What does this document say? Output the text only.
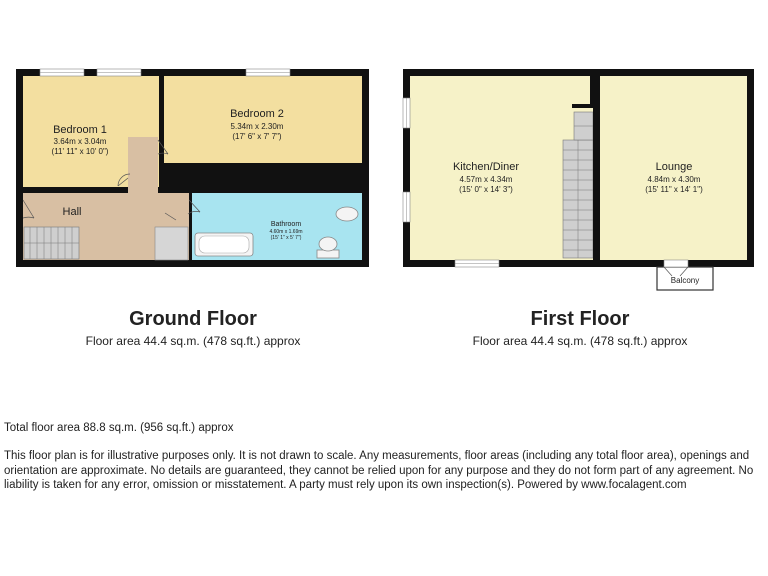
Bedroom 1
3.64m x 3.04m
(11' 11" x 10' 0")
Bedroom 2
5.34m x 2.30m
(17' 6" x 7' 7")
Hall
Bathroom
4.60m x 1.69m
(15' 1" x 5' 7")
Balcony
Kitchen/Diner
4.57m x 4.34m
(15' 0" x 14' 3")
Lounge
4.84m x 4.30m
(15' 11" x 14' 1")
Ground Floor
Floor area 44.4 sq.m. (478 sq.ft.) approx
First Floor
Floor area 44.4 sq.m. (478 sq.ft.) approx
Total floor area 88.8 sq.m. (956 sq.ft.) approx
This floor plan is for illustrative purposes only. It is not drawn to scale. Any measurements, floor areas (including any total floor area), openings and orientation are approximate. No details are guaranteed, they cannot be relied upon for any purpose and they do not form part of any agreement. No liability is taken for any error, omission or misstatement. A party must rely upon its own inspection(s). Powered by www.focalagent.com
